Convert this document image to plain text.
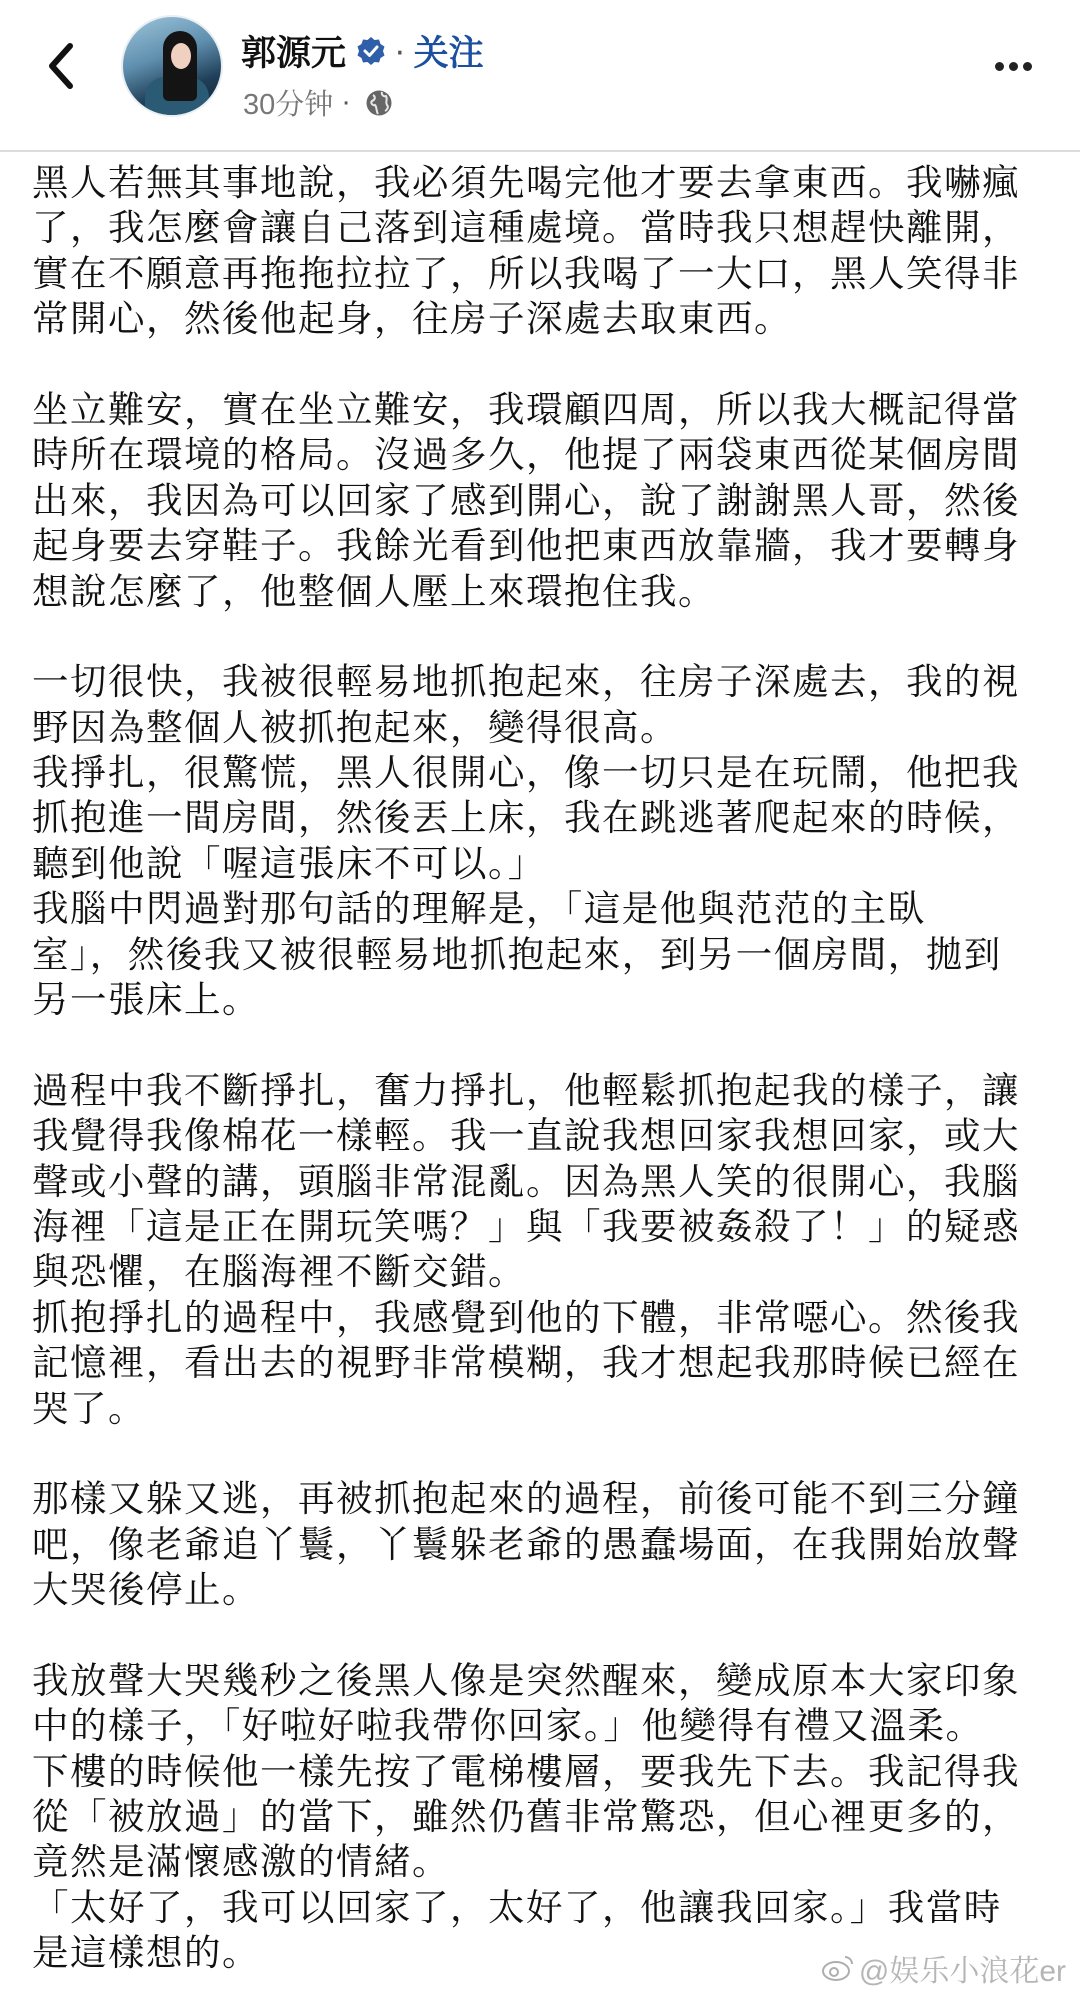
郭源元 · 关注
30分钟 ·
黑人若無其事地說，我必須先喝完他才要去拿東西。我嚇瘋
了，我怎麼會讓自己落到這種處境。當時我只想趕快離開，
實在不願意再拖拖拉拉了，所以我喝了一大口，黑人笑得非
常開心，然後他起身，往房子深處去取東西。
坐立難安，實在坐立難安，我環顧四周，所以我大概記得當
時所在環境的格局。沒過多久，他提了兩袋東西從某個房間
出來，我因為可以回家了感到開心，說了謝謝黑人哥，然後
起身要去穿鞋子。我餘光看到他把東西放靠牆，我才要轉身
想說怎麼了，他整個人壓上來環抱住我。
一切很快，我被很輕易地抓抱起來，往房子深處去，我的視
野因為整個人被抓抱起來，變得很高。
我掙扎，很驚慌，黑人很開心，像一切只是在玩鬧，他把我
抓抱進一間房間，然後丟上床，我在跳逃著爬起來的時候，
聽到他說「喔這張床不可以。」
我腦中閃過對那句話的理解是，「這是他與范范的主臥
室」，然後我又被很輕易地抓抱起來，到另一個房間，拋到
另一張床上。
過程中我不斷掙扎，奮力掙扎，他輕鬆抓抱起我的樣子，讓
我覺得我像棉花一樣輕。我一直說我想回家我想回家，或大
聲或小聲的講，頭腦非常混亂。因為黑人笑的很開心，我腦
海裡「這是正在開玩笑嗎？」與「我要被姦殺了！」的疑惑
與恐懼，在腦海裡不斷交錯。
抓抱掙扎的過程中，我感覺到他的下體，非常噁心。然後我
記憶裡，看出去的視野非常模糊，我才想起我那時候已經在
哭了。
那樣又躲又逃，再被抓抱起來的過程，前後可能不到三分鐘
吧，像老爺追丫鬟，丫鬟躲老爺的愚蠢場面，在我開始放聲
大哭後停止。
我放聲大哭幾秒之後黑人像是突然醒來，變成原本大家印象
中的樣子，「好啦好啦我帶你回家。」他變得有禮又溫柔。
下樓的時候他一樣先按了電梯樓層，要我先下去。我記得我
從「被放過」的當下，雖然仍舊非常驚恐，但心裡更多的，
竟然是滿懷感激的情緒。
「太好了，我可以回家了，太好了，他讓我回家。」我當時
是這樣想的。	@娱乐小浪花er
